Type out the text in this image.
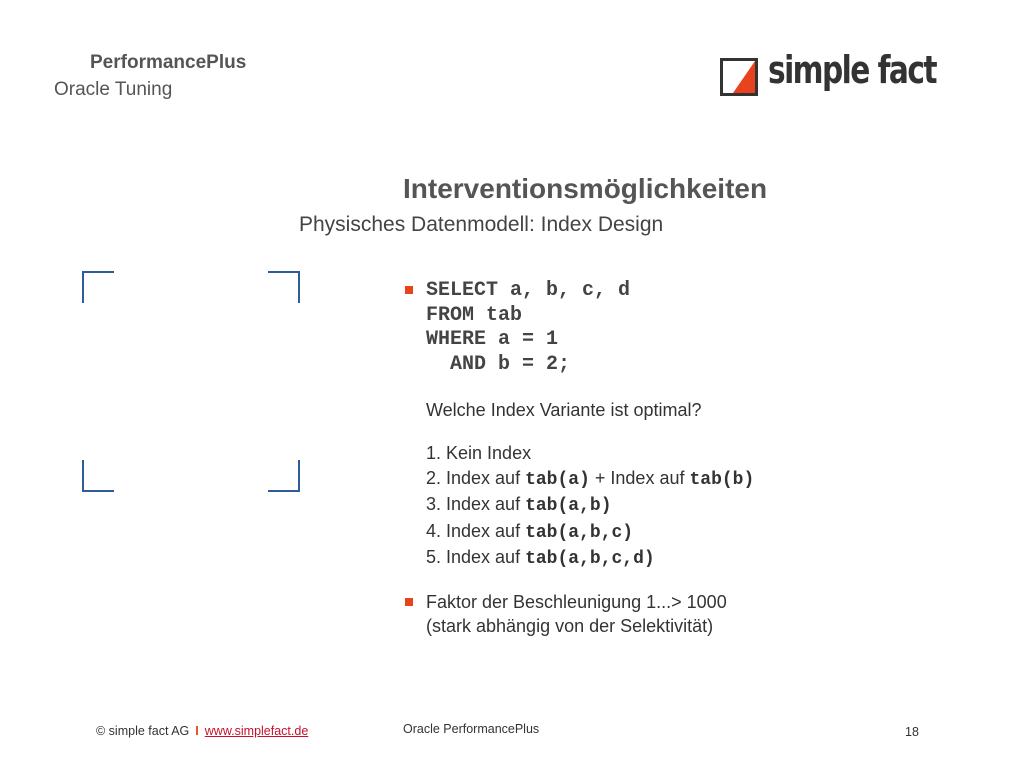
PerformancePlus
Oracle Tuning	simple fact
Interventionsmöglichkeiten
Physisches Datenmodell: Index Design
SELECT a, b, c, d
FROM tab
WHERE a = 1
AND b = 2;
Welche Index Variante ist optimal?
1. Kein Index
2. Index auf tab(a) + Index auf tab(b)
3. Index auf tab(a,b)
4. Index auf tab(a,b,c)
5. Index auf tab(a,b,c,d)
Faktor der Beschleunigung 1...> 1000
(stark abhängig von der Selektivität)
© simple fact AG I www.simplefact.de	Oracle PerformancePlus	18
